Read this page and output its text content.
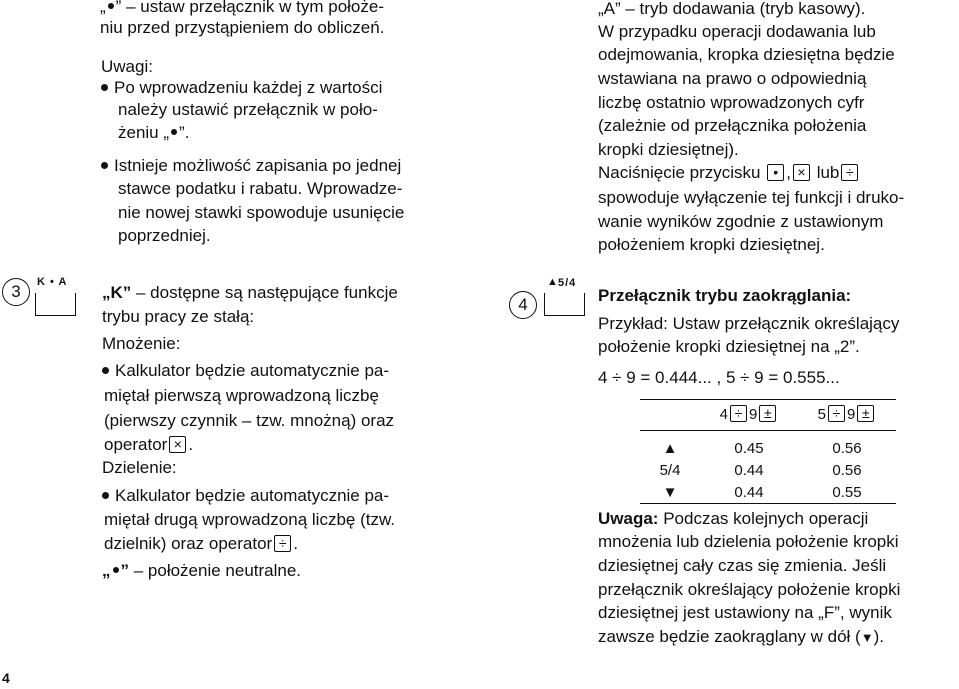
„ ” – ustaw przełącznik w tym położe-
niu przed przystąpieniem do obliczeń.
Uwagi:
Po wprowadzeniu każdej z wartości
należy ustawić przełącznik w poło-
żeniu „ ”.
Istnieje możliwość zapisania po jednej
stawce podatku i rabatu. Wprowadze-
nie nowej stawki spowoduje usunięcie
poprzedniej.
3	K • A
„K” – dostępne są następujące funkcje
trybu pracy ze stałą:
Mnożenie:
Kalkulator będzie automatycznie pa-
miętał pierwszą wprowadzoną liczbę
(pierwszy czynnik – tzw. mnożną) oraz
operator × .
Dzielenie:
Kalkulator będzie automatycznie pa-
miętał drugą wprowadzoną liczbę (tzw.
dzielnik) oraz operator ÷ .
„ ” – położenie neutralne.
4
„A” – tryb dodawania (tryb kasowy).
W przypadku operacji dodawania lub
odejmowania, kropka dziesiętna będzie
wstawiana na prawo o odpowiednią
liczbę ostatnio wprowadzonych cyfr
(zależnie od przełącznika położenia
kropki dziesiętnej).
Naciśnięcie przycisku • , × lub ÷
spowoduje wyłączenie tej funkcji i druko-
wanie wyników zgodnie z ustawionym
położeniem kropki dziesiętnej.
4
▲ 5/4
Przełącznik trybu zaokrąglania:
Przykład: Ustaw przełącznik określający
położenie kropki dziesiętnej na „2”.
4 ÷ 9 = 0.444... , 5 ÷ 9 = 0.555...
	4 ÷ 9 ±	5 ÷ 9 ±

▲	0.45	0.56
5/4	0.44	0.56
▼	0.44	0.55
Uwaga: Podczas kolejnych operacji
mnożenia lub dzielenia położenie kropki
dziesiętnej cały czas się zmienia. Jeśli
przełącznik określający położenie kropki
dziesiętnej jest ustawiony na „F”, wynik
zawsze będzie zaokrąglany w dół (▼).
